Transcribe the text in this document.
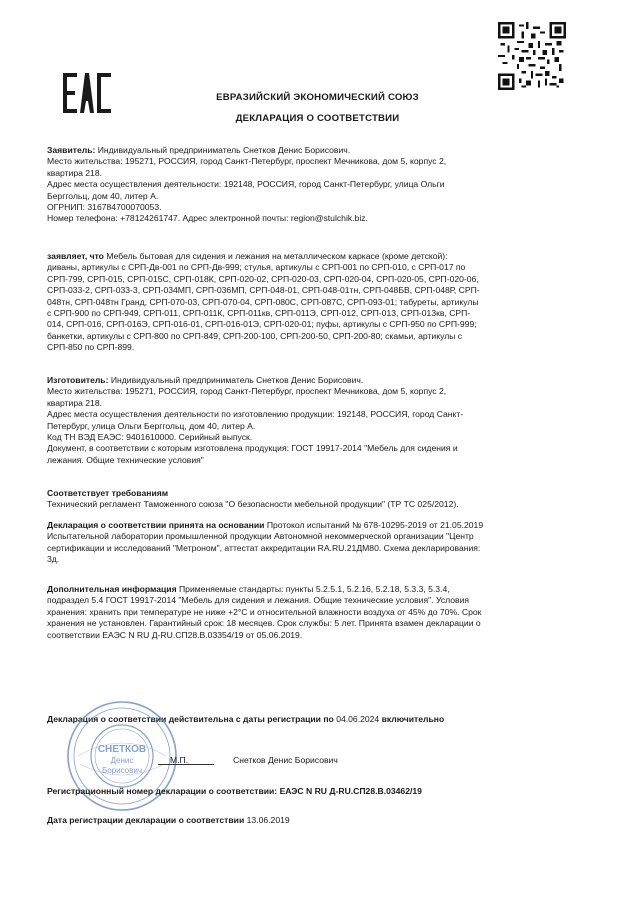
ЕВРАЗИЙСКИЙ ЭКОНОМИЧЕСКИЙ СОЮЗ
ДЕКЛАРАЦИЯ О СООТВЕТСТВИИ
Заявитель: Индивидуальный предприниматель Снетков Денис Борисович.
Место жительства: 195271, РОССИЯ, город Санкт-Петербург, проспект Мечникова, дом 5, корпус 2,
квартира 218.
Адрес места осуществления деятельности: 192148, РОССИЯ, город Санкт-Петербург, улица Ольги
Берггольц, дом 40, литер А.
ОГРНИП: 316784700070053.
Номер телефона: +78124261747. Адрес электронной почты: region@stulchik.biz.
заявляет, что Мебель бытовая для сидения и лежания на металлическом каркасе (кроме детской):
диваны, артикулы с СРП-Дв-001 по СРП-Дв-999; стулья, артикулы с СРП-001 по СРП-010, с СРП-017 по
СРП-799, СРП-015, СРП-015С, СРП-018К, СРП-020-02, СРП-020-03, СРП-020-04, СРП-020-05, СРП-020-06,
СРП-033-2, СРП-033-3, СРП-034МП, СРП-036МП, СРП-048-01, СРП-048-01тн, СРП-048БВ, СРП-048Р, СРП-
048тн, СРП-048тн Гранд, СРП-070-03, СРП-070-04, СРП-080С, СРП-087С, СРП-093-01; табуреты, артикулы
с СРП-900 по СРП-949, СРП-011, СРП-011К, СРП-011кв, СРП-011Э, СРП-012, СРП-013, СРП-013кв, СРП-
014, СРП-016, СРП-016Э, СРП-016-01, СРП-016-01Э, СРП-020-01; пуфы, артикулы с СРП-950 по СРП-999;
банкетки, артикулы с СРП-800 по СРП-849, СРП-200-100, СРП-200-50, СРП-200-80; скамьи, артикулы с
СРП-850 по СРП-899.
Изготовитель: Индивидуальный предприниматель Снетков Денис Борисович.
Место жительства: 195271, РОССИЯ, город Санкт-Петербург, проспект Мечникова, дом 5, корпус 2,
квартира 218.
Адрес места осуществления деятельности по изготовлению продукции: 192148, РОССИЯ, город Санкт-
Петербург, улица Ольги Берггольц, дом 40, литер А.
Код ТН ВЭД ЕАЭС: 9401610000. Серийный выпуск.
Документ, в соответствии с которым изготовлена продукция: ГОСТ 19917-2014 "Мебель для сидения и
лежания. Общие технические условия"
Соответствует требованиям
Технический регламент Таможенного союза "О безопасности мебельной продукции" (ТР ТС 025/2012).
Декларация о соответствии принята на основании Протокол испытаний № 678-10295-2019 от 21.05.2019
Испытательной лаборатории промышленной продукции Автономной некоммерческой организации "Центр
сертификации и исследований "Метроном", аттестат аккредитации RA.RU.21ДМ80. Схема декларирования:
3д.
Дополнительная информация Применяемые стандарты: пункты 5.2.5.1, 5.2.16, 5.2.18, 5.3.3, 5.3.4,
подраздел 5.4 ГОСТ 19917-2014 "Мебель для сидения и лежания. Общие технические условия". Условия
хранения: хранить при температуре не ниже +2°С и относительной влажности воздуха от 45% до 70%. Срок
хранения не установлен. Гарантийный срок: 18 месяцев. Срок службы: 5 лет. Принята взамен декларации о
соответствии ЕАЭС N RU Д-RU.СП28.В.03354/19 от 05.06.2019.
Декларация о соответствии действительна с даты регистрации по 04.06.2024 включительно
СНЕТКОВ
Денис
Борисович
М.П.	Снетков Денис Борисович
Регистрационный номер декларации о соответствии: ЕАЭС N RU Д-RU.СП28.В.03462/19
Дата регистрации декларации о соответствии 13.06.2019
